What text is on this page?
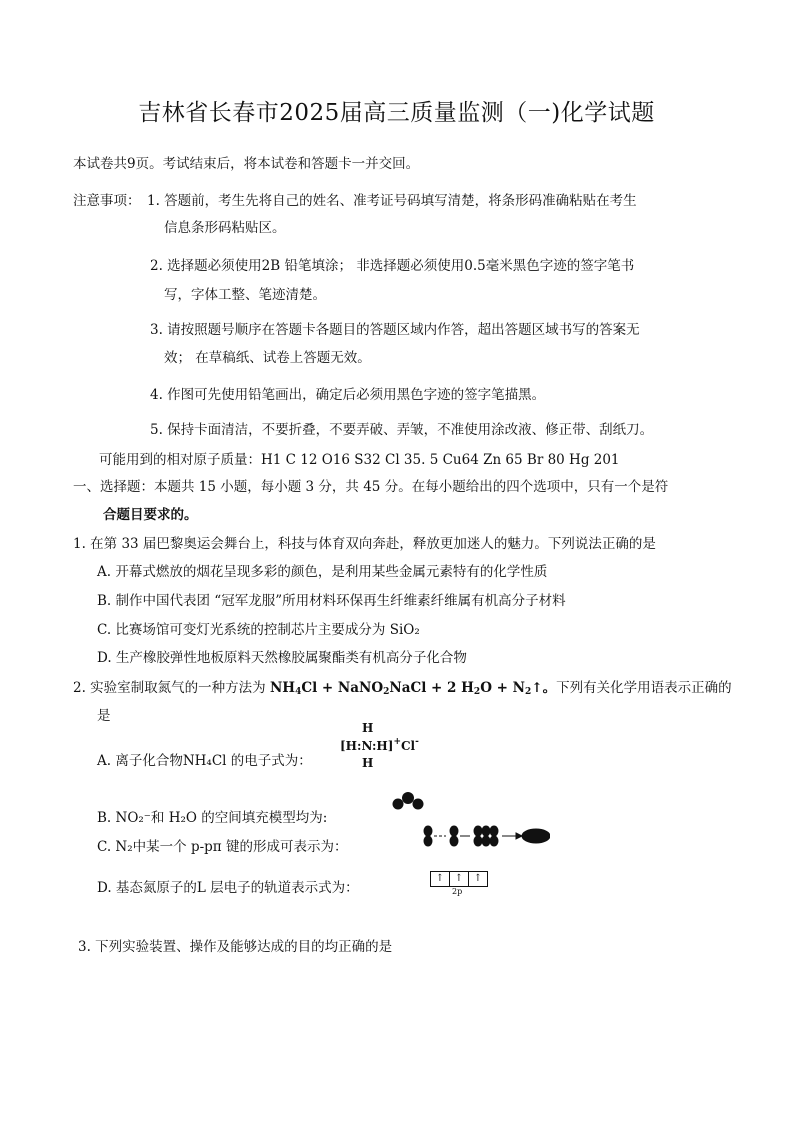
吉林省长春市2025届高三质量监测（一)化学试题
本试卷共9页。考试结束后，将本试卷和答题卡一并交回。
注意事项： 1. 答题前，考生先将自己的姓名、准考证号码填写清楚，将条形码准确粘贴在考生
信息条形码粘贴区。
2. 选择题必须使用2B 铅笔填涂； 非选择题必须使用0.5毫米黑色字迹的签字笔书
写，字体工整、笔迹清楚。
3. 请按照题号顺序在答题卡各题目的答题区域内作答，超出答题区域书写的答案无
效； 在草稿纸、试卷上答题无效。
4. 作图可先使用铅笔画出，确定后必须用黑色字迹的签字笔描黑。
5. 保持卡面清洁，不要折叠，不要弄破、弄皱，不准使用涂改液、修正带、刮纸刀。
可能用到的相对原子质量：H1 C 12 O16 S32 Cl 35. 5 Cu64 Zn 65 Br 80 Hg 201
一、选择题：本题共 15 小题，每小题 3 分，共 45 分。在每小题给出的四个选项中，只有一个是符
合题目要求的。
1. 在第 33 届巴黎奥运会舞台上，科技与体育双向奔赴，释放更加迷人的魅力。下列说法正确的是
A. 开幕式燃放的烟花呈现多彩的颜色，是利用某些金属元素特有的化学性质
B. 制作中国代表团 “冠军龙服”所用材料环保再生纤维素纤维属有机高分子材料
C. 比赛场馆可变灯光系统的控制芯片主要成分为 SiO₂
D. 生产橡胶弹性地板原料天然橡胶属聚酯类有机高分子化合物
2. 实验室制取氮气的一种方法为 $NH_4Cl$ + NaNO$_2$NaCl + 2 $H_2O$ + $N_2↑$。下列有关化学用语表示正确的
是
A. 离子化合物NH₄Cl 的电子式为：
H
[H:N:H]+Cl-
H
B. NO₂⁻和 H₂O 的空间填充模型均为:
C. N₂中某一个 p-pπ 键的形成可表示为：
D. 基态氮原子的L 层电子的轨道表示式为：
↑	↑	↑
2p
3. 下列实验装置、操作及能够达成的目的均正确的是
